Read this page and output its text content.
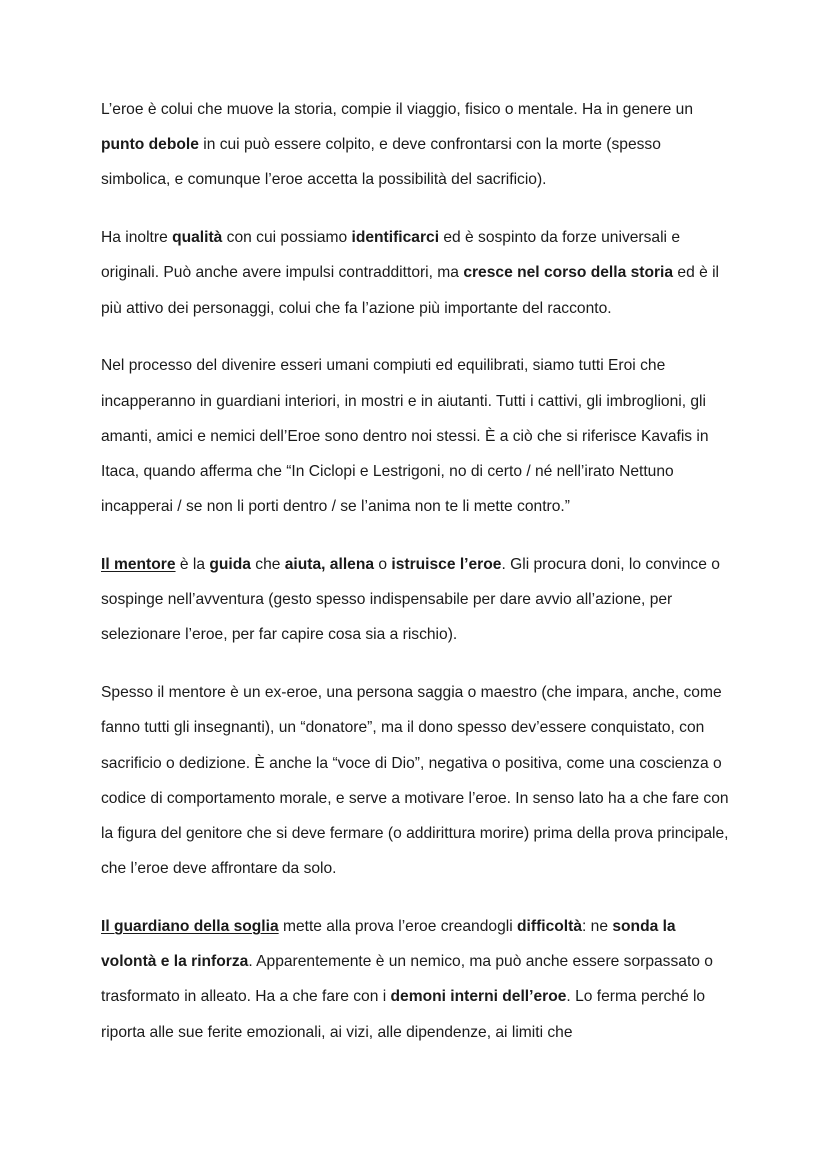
L’eroe è colui che muove la storia, compie il viaggio, fisico o mentale. Ha in genere un punto debole in cui può essere colpito, e deve confrontarsi con la morte (spesso simbolica, e comunque l’eroe accetta la possibilità del sacrificio).

Ha inoltre qualità con cui possiamo identificarci ed è sospinto da forze universali e originali. Può anche avere impulsi contraddittori, ma cresce nel corso della storia ed è il più attivo dei personaggi, colui che fa l’azione più importante del racconto.

Nel processo del divenire esseri umani compiuti ed equilibrati, siamo tutti Eroi che incapperanno in guardiani interiori, in mostri e in aiutanti. Tutti i cattivi, gli imbroglioni, gli amanti, amici e nemici dell’Eroe sono dentro noi stessi. È a ciò che si riferisce Kavafis in Itaca, quando afferma che “In Ciclopi e Lestrigoni, no di certo / né nell’irato Nettuno incapperai / se non li porti dentro / se l’anima non te li mette contro.”

Il mentore è la guida che aiuta, allena o istruisce l’eroe. Gli procura doni, lo convince o sospinge nell’avventura (gesto spesso indispensabile per dare avvio all’azione, per selezionare l’eroe, per far capire cosa sia a rischio).

Spesso il mentore è un ex-eroe, una persona saggia o maestro (che impara, anche, come fanno tutti gli insegnanti), un “donatore”, ma il dono spesso dev’essere conquistato, con sacrificio o dedizione. È anche la “voce di Dio”, negativa o positiva, come una coscienza o codice di comportamento morale, e serve a motivare l’eroe. In senso lato ha a che fare con la figura del genitore che si deve fermare (o addirittura morire) prima della prova principale, che l’eroe deve affrontare da solo.

Il guardiano della soglia mette alla prova l’eroe creandogli difficoltà: ne sonda la volontà e la rinforza. Apparentemente è un nemico, ma può anche essere sorpassato o trasformato in alleato. Ha a che fare con i demoni interni dell’eroe. Lo ferma perché lo riporta alle sue ferite emozionali, ai vizi, alle dipendenze, ai limiti che
